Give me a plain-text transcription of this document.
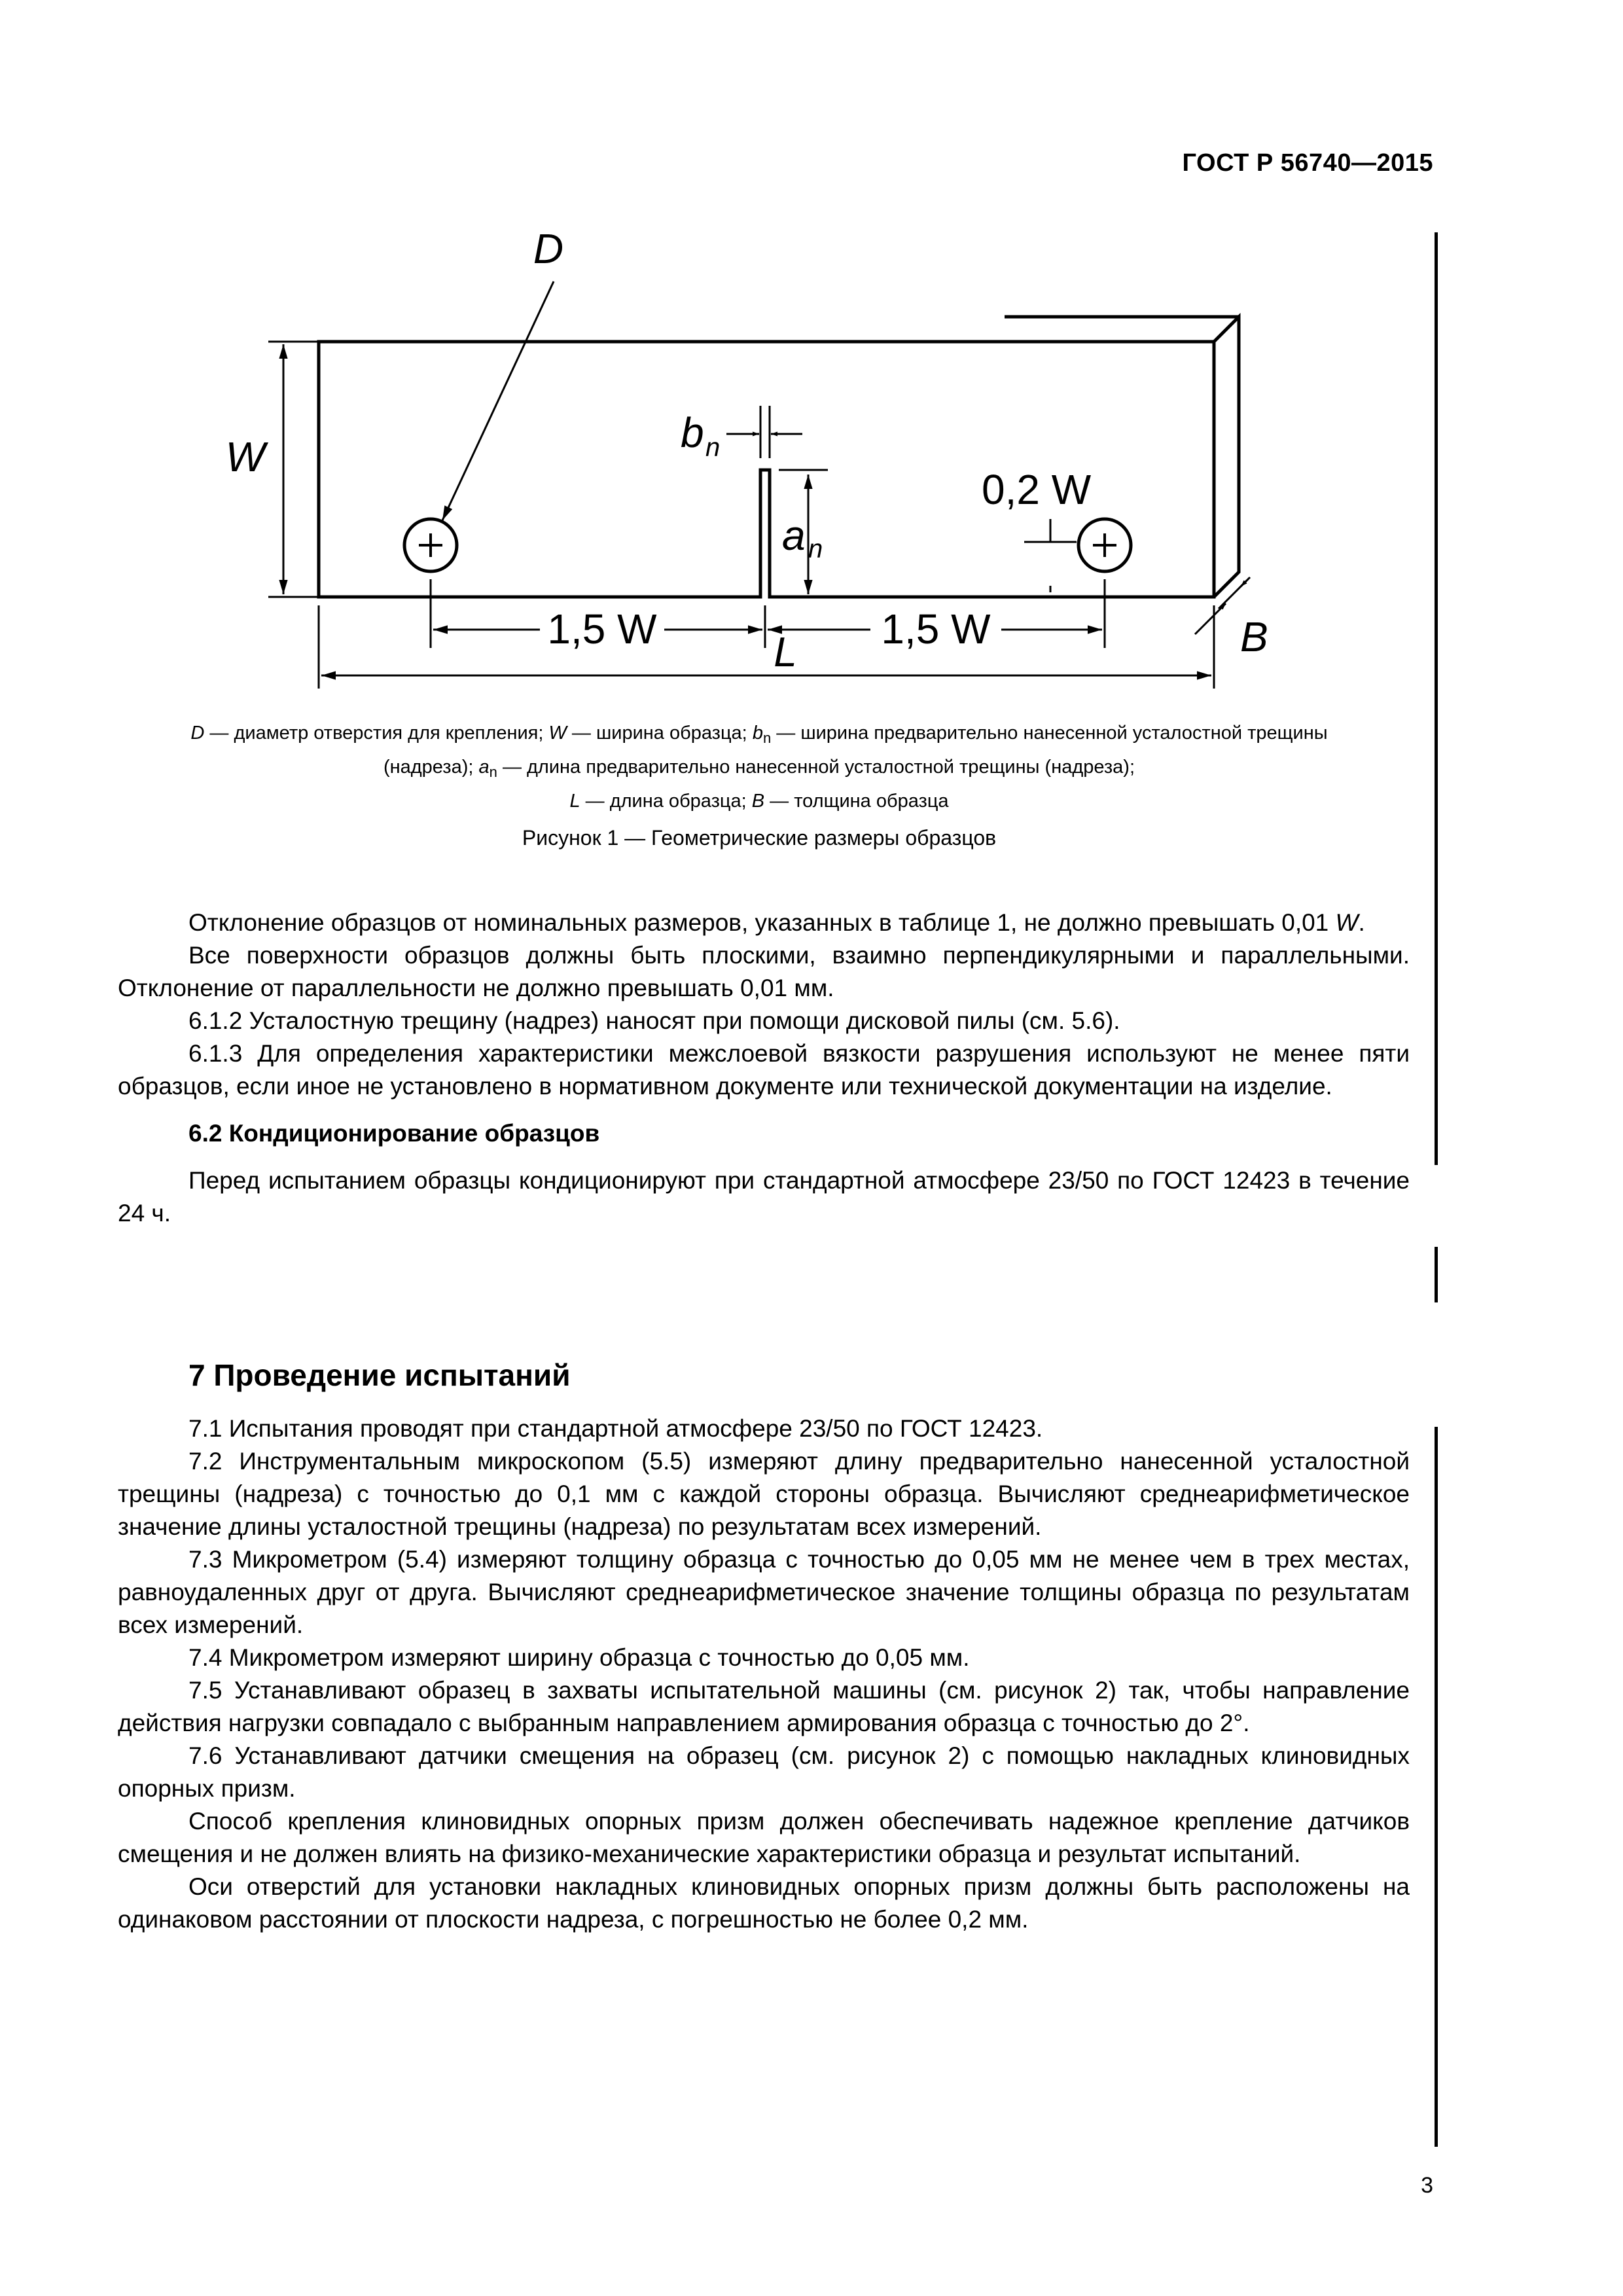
ГОСТ Р 56740—2015
D
W
b n
a n
0,2 W
1,5 W	1,5 W
L	B
D — диаметр отверстия для крепления; W — ширина образца; $b_n$ — ширина предварительно нанесенной усталостной трещины (надреза); $a_n$ — длина предварительно нанесенной усталостной трещины (надреза);
L — длина образца; B — толщина образца
Рисунок 1 — Геометрические размеры образцов

Отклонение образцов от номинальных размеров, указанных в таблице 1, не должно превышать 0,01 W.

Все поверхности образцов должны быть плоскими, взаимно перпендикулярными и параллельными. Отклонение от параллельности не должно превышать 0,01 мм.

6.1.2 Усталостную трещину (надрез) наносят при помощи дисковой пилы (см. 5.6).

6.1.3 Для определения характеристики межслоевой вязкости разрушения используют не менее пяти образцов, если иное не установлено в нормативном документе или технической документации на изделие.

6.2 Кондиционирование образцов

Перед испытанием образцы кондиционируют при стандартной атмосфере 23/50 по ГОСТ 12423 в течение 24 ч.

7 Проведение испытаний

7.1 Испытания проводят при стандартной атмосфере 23/50 по ГОСТ 12423.

7.2 Инструментальным микроскопом (5.5) измеряют длину предварительно нанесенной усталостной трещины (надреза) с точностью до 0,1 мм с каждой стороны образца. Вычисляют среднеарифметическое значение длины усталостной трещины (надреза) по результатам всех измерений.

7.3 Микрометром (5.4) измеряют толщину образца с точностью до 0,05 мм не менее чем в трех местах, равноудаленных друг от друга. Вычисляют среднеарифметическое значение толщины образца по результатам всех измерений.

7.4 Микрометром измеряют ширину образца с точностью до 0,05 мм.

7.5 Устанавливают образец в захваты испытательной машины (см. рисунок 2) так, чтобы направление действия нагрузки совпадало с выбранным направлением армирования образца с точностью до 2°.

7.6 Устанавливают датчики смещения на образец (см. рисунок 2) с помощью накладных клиновидных опорных призм.

Способ крепления клиновидных опорных призм должен обеспечивать надежное крепление датчиков смещения и не должен влиять на физико-механические характеристики образца и результат испытаний.

Оси отверстий для установки накладных клиновидных опорных призм должны быть расположены на одинаковом расстоянии от плоскости надреза, с погрешностью не более 0,2 мм.

3
